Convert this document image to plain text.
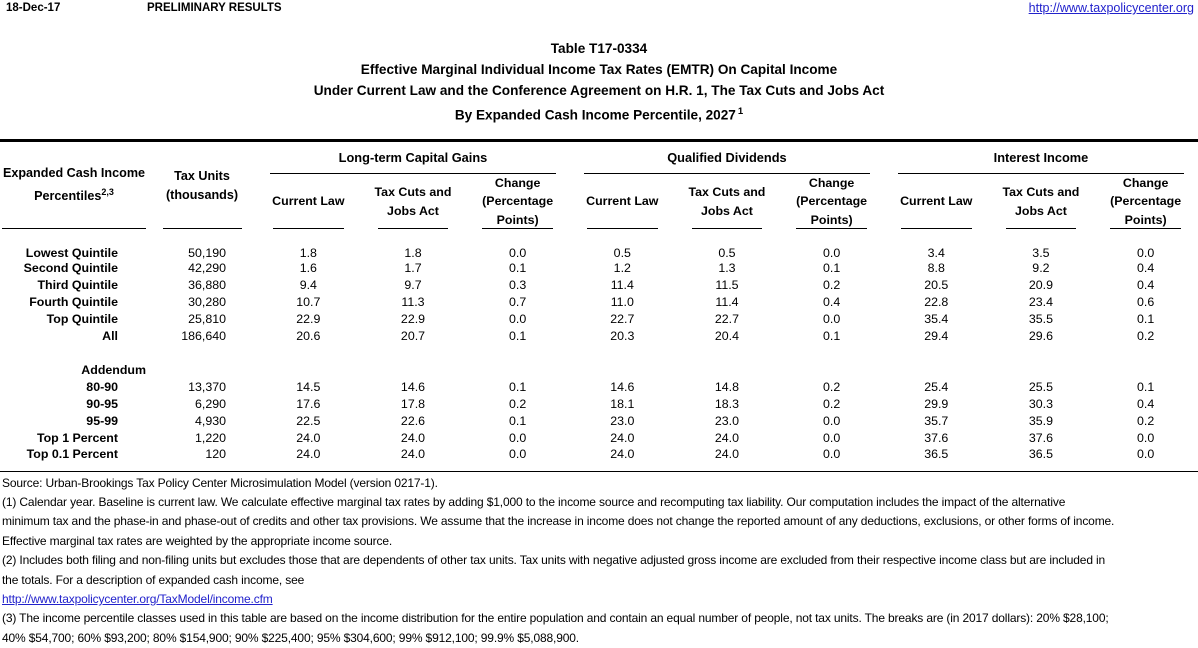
18-Dec-17	PRELIMINARY RESULTS	http://www.taxpolicycenter.org
Table T17-0334
Effective Marginal Individual Income Tax Rates (EMTR) On Capital Income
Under Current Law and the Conference Agreement on H.R. 1, The Tax Cuts and Jobs Act
By Expanded Cash Income Percentile, 2027 $^1$
Expanded Cash Income
Percentiles$^{2,3}$

Tax Units
(thousands)

Long-term Capital Gains	Qualified Dividends	Interest Income

Current Law

Tax Cuts and
Jobs Act

Change
(Percentage
Points)

Current Law

Tax Cuts and
Jobs Act

Change
(Percentage
Points)

Current Law

Tax Cuts and
Jobs Act

Change
(Percentage
Points)

Lowest Quintile	50,190	1.8	1.8	0.0	0.5	0.5	0.0	3.4	3.5	0.0
Second Quintile	42,290	1.6	1.7	0.1	1.2	1.3	0.1	8.8	9.2	0.4
Third Quintile	36,880	9.4	9.7	0.3	11.4	11.5	0.2	20.5	20.9	0.4
Fourth Quintile	30,280	10.7	11.3	0.7	11.0	11.4	0.4	22.8	23.4	0.6
Top Quintile	25,810	22.9	22.9	0.0	22.7	22.7	0.0	35.4	35.5	0.1
All	186,640	20.6	20.7	0.1	20.3	20.4	0.1	29.4	29.6	0.2

Addendum										
80-90	13,370	14.5	14.6	0.1	14.6	14.8	0.2	25.4	25.5	0.1
90-95	6,290	17.6	17.8	0.2	18.1	18.3	0.2	29.9	30.3	0.4
95-99	4,930	22.5	22.6	0.1	23.0	23.0	0.0	35.7	35.9	0.2
Top 1 Percent	1,220	24.0	24.0	0.0	24.0	24.0	0.0	37.6	37.6	0.0
Top 0.1 Percent	120	24.0	24.0	0.0	24.0	24.0	0.0	36.5	36.5	0.0
Source: Urban-Brookings Tax Policy Center Microsimulation Model (version 0217-1).
(1) Calendar year. Baseline is current law. We calculate effective marginal tax rates by adding $1,000 to the income source and recomputing tax liability. Our computation includes the impact of the alternative
minimum tax and the phase-in and phase-out of credits and other tax provisions. We assume that the increase in income does not change the reported amount of any deductions, exclusions, or other forms of income.
Effective marginal tax rates are weighted by the appropriate income source.
(2) Includes both filing and non-filing units but excludes those that are dependents of other tax units. Tax units with negative adjusted gross income are excluded from their respective income class but are included in
the totals. For a description of expanded cash income, see
http://www.taxpolicycenter.org/TaxModel/income.cfm
(3) The income percentile classes used in this table are based on the income distribution for the entire population and contain an equal number of people, not tax units. The breaks are (in 2017 dollars): 20% $28,100;
40% $54,700; 60% $93,200; 80% $154,900; 90% $225,400; 95% $304,600; 99% $912,100; 99.9% $5,088,900.
